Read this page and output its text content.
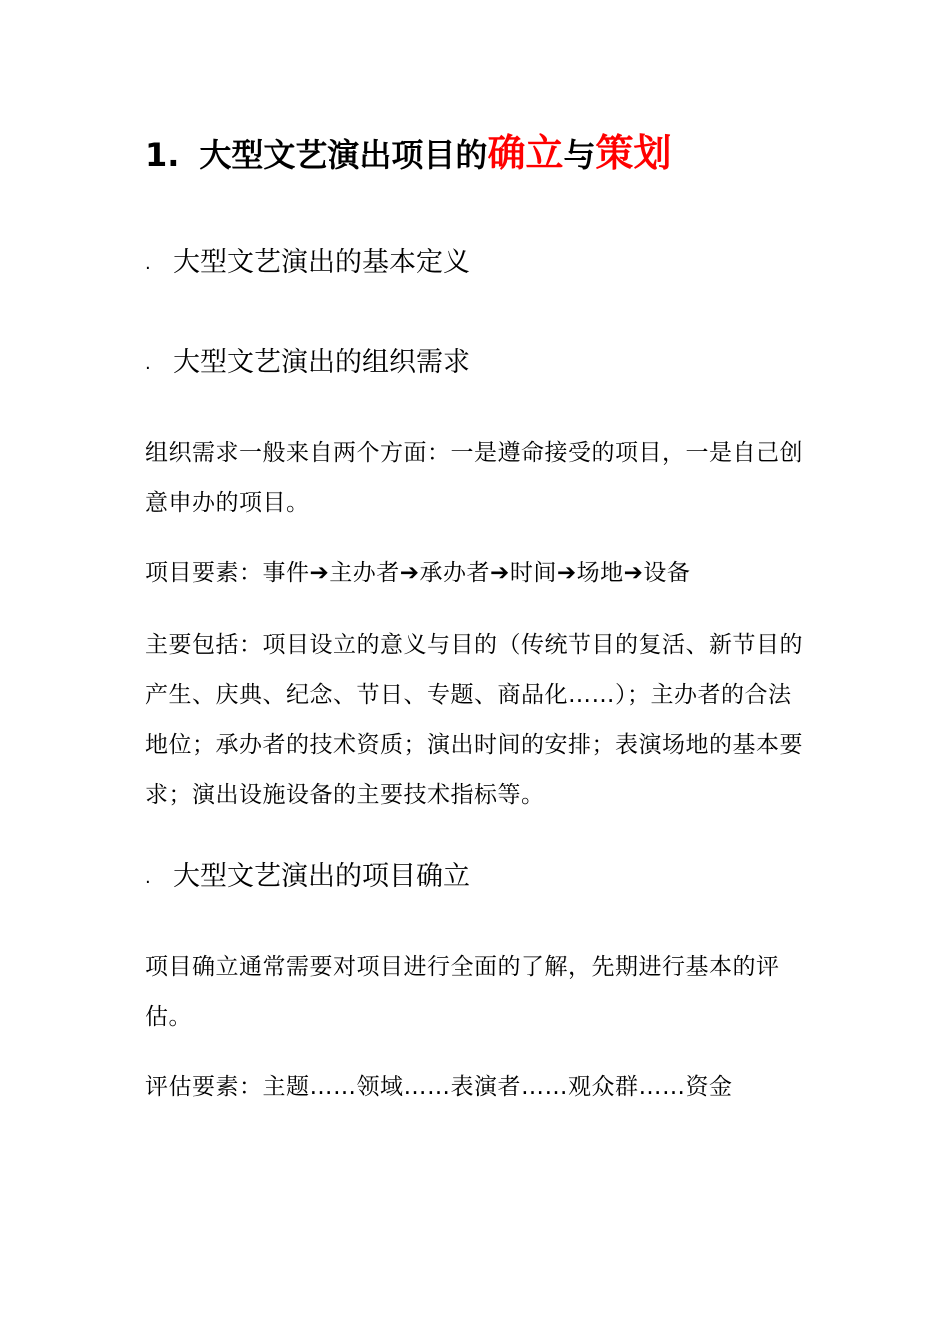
1. 大型文艺演出项目的确立与策划
. 大型文艺演出的基本定义
. 大型文艺演出的组织需求
组织需求一般来自两个方面：一是遵命接受的项目，一是自己创意申办的项目。
项目要素：事件➔主办者➔承办者➔时间➔场地➔设备
主要包括：项目设立的意义与目的（传统节目的复活、新节目的产生、庆典、纪念、节日、专题、商品化……）；主办者的合法地位；承办者的技术资质；演出时间的安排；表演场地的基本要求；演出设施设备的主要技术指标等。
. 大型文艺演出的项目确立
项目确立通常需要对项目进行全面的了解，先期进行基本的评估。
评估要素：主题……领域……表演者……观众群……资金
